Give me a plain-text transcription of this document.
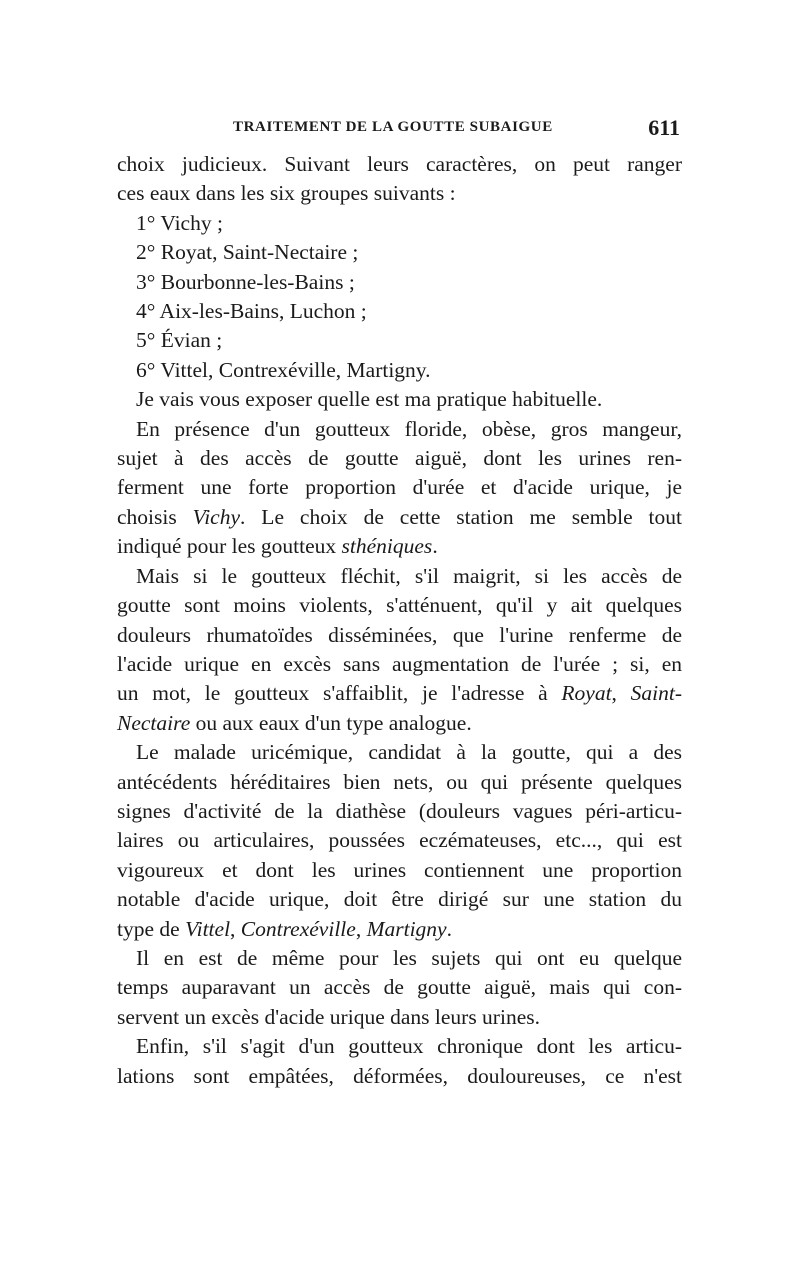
TRAITEMENT DE LA GOUTTE SUBAIGUE	611

choix judicieux. Suivant leurs caractères, on peut ranger

ces eaux dans les six groupes suivants :

1° Vichy ;

2° Royat, Saint-Nectaire ;

3° Bourbonne-les-Bains ;

4° Aix-les-Bains, Luchon ;

5° Évian ;

6° Vittel, Contrexéville, Martigny.

Je vais vous exposer quelle est ma pratique habituelle.

En présence d'un goutteux floride, obèse, gros mangeur,

sujet à des accès de goutte aiguë, dont les urines ren-

ferment une forte proportion d'urée et d'acide urique, je

choisis Vichy. Le choix de cette station me semble tout

indiqué pour les goutteux sthéniques.

Mais si le goutteux fléchit, s'il maigrit, si les accès de

goutte sont moins violents, s'atténuent, qu'il y ait quelques

douleurs rhumatoïdes disséminées, que l'urine renferme de

l'acide urique en excès sans augmentation de l'urée ; si, en

un mot, le goutteux s'affaiblit, je l'adresse à Royat, Saint-

Nectaire ou aux eaux d'un type analogue.

Le malade uricémique, candidat à la goutte, qui a des

antécédents héréditaires bien nets, ou qui présente quelques

signes d'activité de la diathèse (douleurs vagues péri-articu-

laires ou articulaires, poussées eczémateuses, etc..., qui est

vigoureux et dont les urines contiennent une proportion

notable d'acide urique, doit être dirigé sur une station du

type de Vittel, Contrexéville, Martigny.

Il en est de même pour les sujets qui ont eu quelque

temps auparavant un accès de goutte aiguë, mais qui con-

servent un excès d'acide urique dans leurs urines.

Enfin, s'il s'agit d'un goutteux chronique dont les articu-

lations sont empâtées, déformées, douloureuses, ce n'est
